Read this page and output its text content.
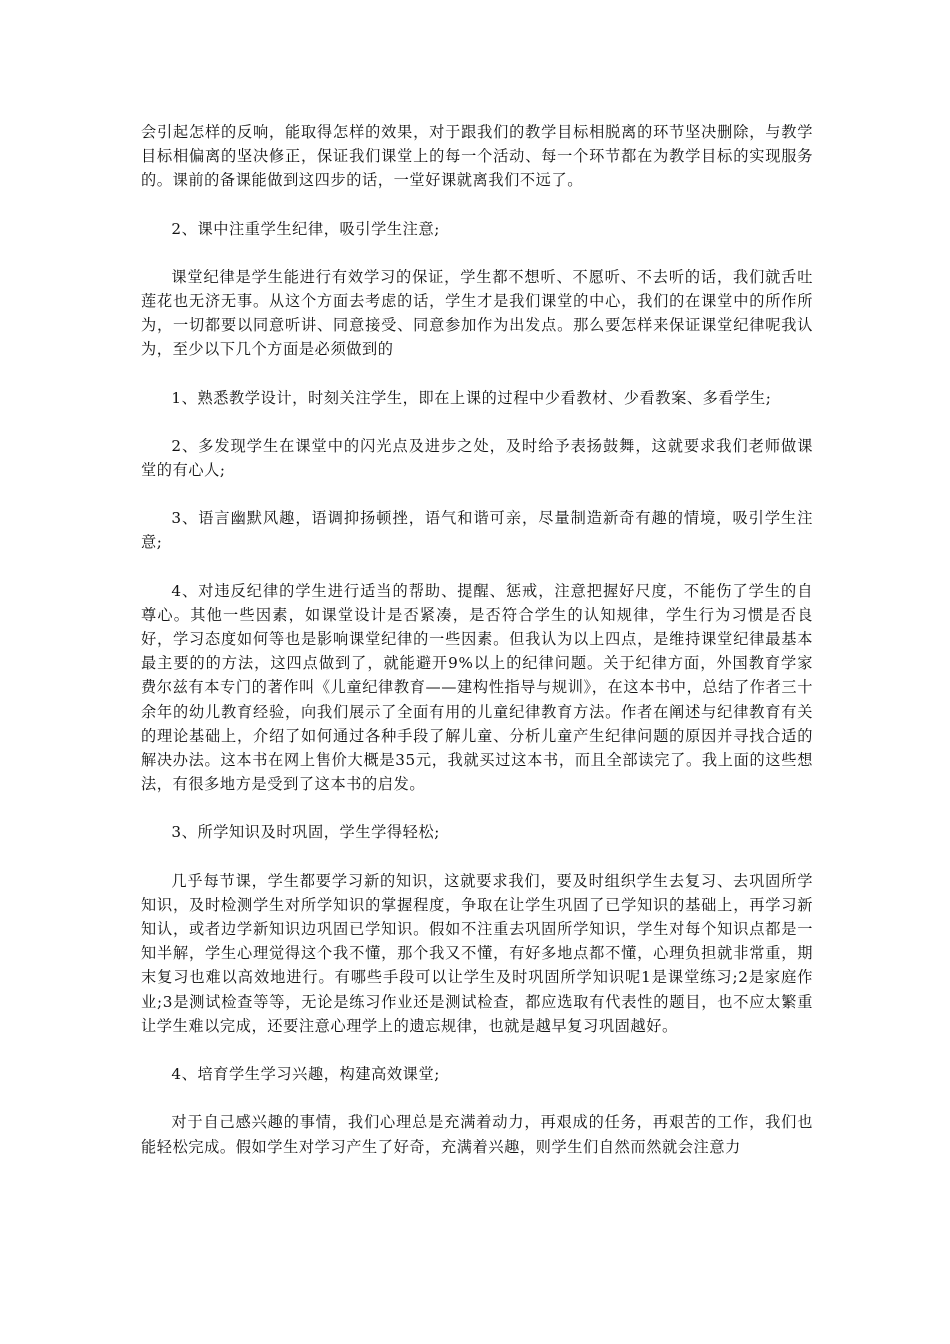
会引起怎样的反响，能取得怎样的效果，对于跟我们的教学目标相脱离的环节坚决删除，与教学目标相偏离的坚决修正，保证我们课堂上的每一个活动、每一个环节都在为教学目标的实现服务的。课前的备课能做到这四步的话，一堂好课就离我们不远了。

2、课中注重学生纪律，吸引学生注意;

课堂纪律是学生能进行有效学习的保证，学生都不想听、不愿听、不去听的话，我们就舌吐莲花也无济无事。从这个方面去考虑的话，学生才是我们课堂的中心，我们的在课堂中的所作所为，一切都要以同意听讲、同意接受、同意参加作为出发点。那么要怎样来保证课堂纪律呢我认为，至少以下几个方面是必须做到的

1、熟悉教学设计，时刻关注学生，即在上课的过程中少看教材、少看教案、多看学生;

2、多发现学生在课堂中的闪光点及进步之处，及时给予表扬鼓舞，这就要求我们老师做课堂的有心人;

3、语言幽默风趣，语调抑扬顿挫，语气和谐可亲，尽量制造新奇有趣的情境，吸引学生注意;

4、对违反纪律的学生进行适当的帮助、提醒、惩戒，注意把握好尺度，不能伤了学生的自尊心。其他一些因素，如课堂设计是否紧凑，是否符合学生的认知规律，学生行为习惯是否良好，学习态度如何等也是影响课堂纪律的一些因素。但我认为以上四点，是维持课堂纪律最基本最主要的的方法，这四点做到了，就能避开9%以上的纪律问题。关于纪律方面，外国教育学家费尔兹有本专门的著作叫《儿童纪律教育——建构性指导与规训》，在这本书中，总结了作者三十余年的幼儿教育经验，向我们展示了全面有用的儿童纪律教育方法。作者在阐述与纪律教育有关的理论基础上，介绍了如何通过各种手段了解儿童、分析儿童产生纪律问题的原因并寻找合适的解决办法。这本书在网上售价大概是35元，我就买过这本书，而且全部读完了。我上面的这些想法，有很多地方是受到了这本书的启发。

3、所学知识及时巩固，学生学得轻松;

几乎每节课，学生都要学习新的知识，这就要求我们，要及时组织学生去复习、去巩固所学知识，及时检测学生对所学知识的掌握程度，争取在让学生巩固了已学知识的基础上，再学习新知认，或者边学新知识边巩固已学知识。假如不注重去巩固所学知识，学生对每个知识点都是一知半解，学生心理觉得这个我不懂，那个我又不懂，有好多地点都不懂，心理负担就非常重，期末复习也难以高效地进行。有哪些手段可以让学生及时巩固所学知识呢1是课堂练习;2是家庭作业;3是测试检查等等，无论是练习作业还是测试检查，都应选取有代表性的题目，也不应太繁重让学生难以完成，还要注意心理学上的遗忘规律，也就是越早复习巩固越好。

4、培育学生学习兴趣，构建高效课堂;

对于自己感兴趣的事情，我们心理总是充满着动力，再艰成的任务，再艰苦的工作，我们也能轻松完成。假如学生对学习产生了好奇，充满着兴趣，则学生们自然而然就会注意力
